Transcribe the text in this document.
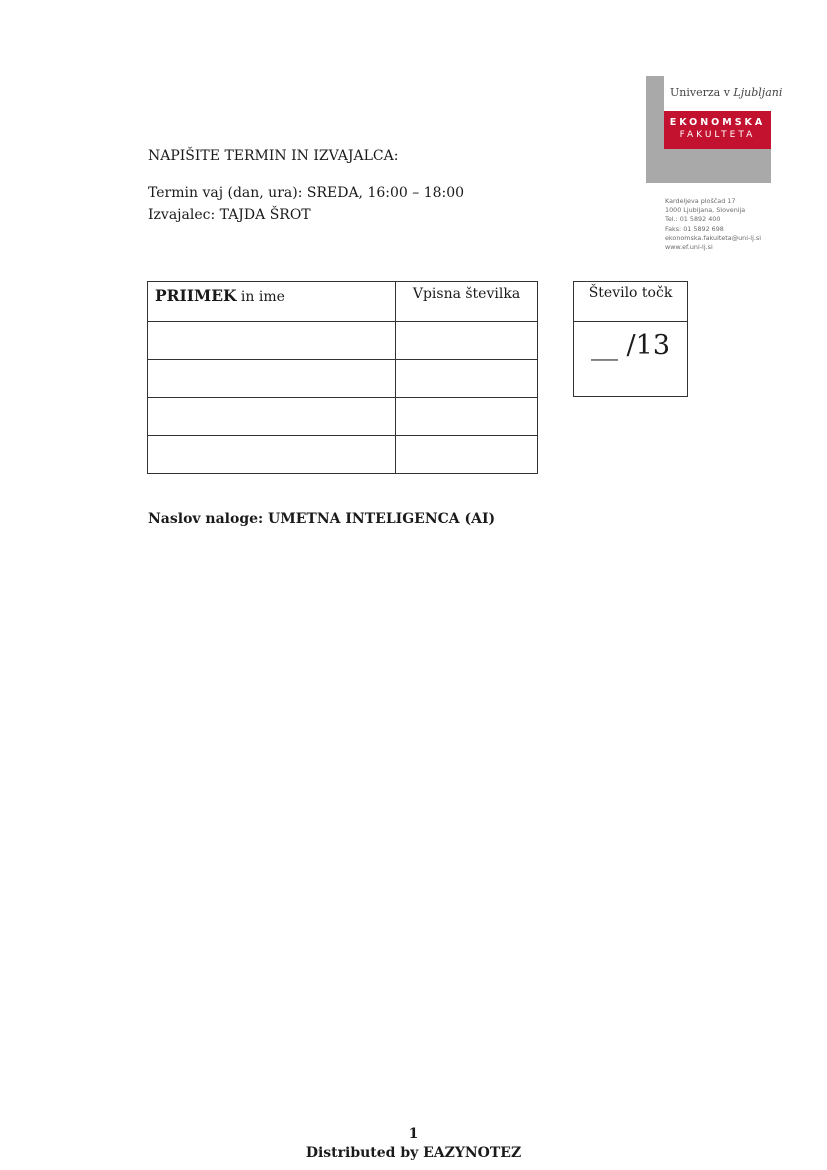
Univerza v Ljubljani
EKONOMSKA
FAKULTETA
Kardeljeva ploščad 17
1000 Ljubljana, Slovenija
Tel.: 01 5892 400
Faks: 01 5892 698
ekonomska.fakulteta@uni-lj.si
www.ef.uni-lj.si
NAPIŠITE TERMIN IN IZVAJALCA:
Termin vaj (dan, ura): SREDA, 16:00 – 18:00
Izvajalec: TAJDA ŠROT
PRIIMEK in ime	Vpisna številka

		Število točk
__ /13
Naslov naloge: UMETNA INTELIGENCA (AI)
1
Distributed by EAZYNOTEZ
